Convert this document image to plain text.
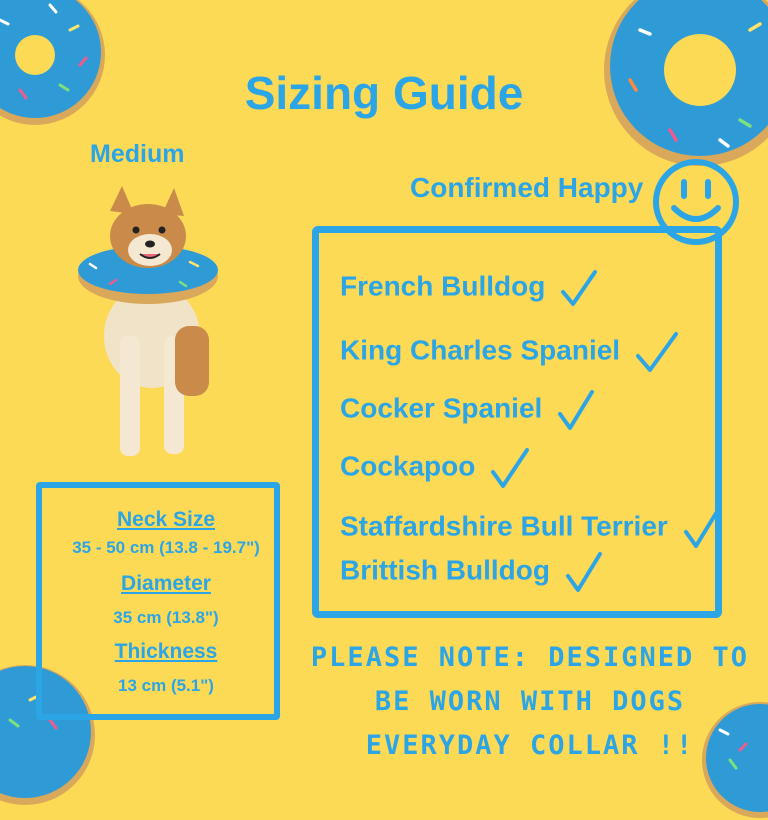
Sizing Guide
Medium
Confirmed Happy
French Bulldog
King Charles Spaniel
Cocker Spaniel
Cockapoo
Staffardshire Bull Terrier
Brittish Bulldog
Neck Size
35 - 50 cm (13.8 - 19.7")
Diameter
35 cm (13.8")
Thickness
13 cm (5.1")
PLEASE NOTE: DESIGNED TO
BE WORN WITH DOGS
EVERYDAY COLLAR !!
